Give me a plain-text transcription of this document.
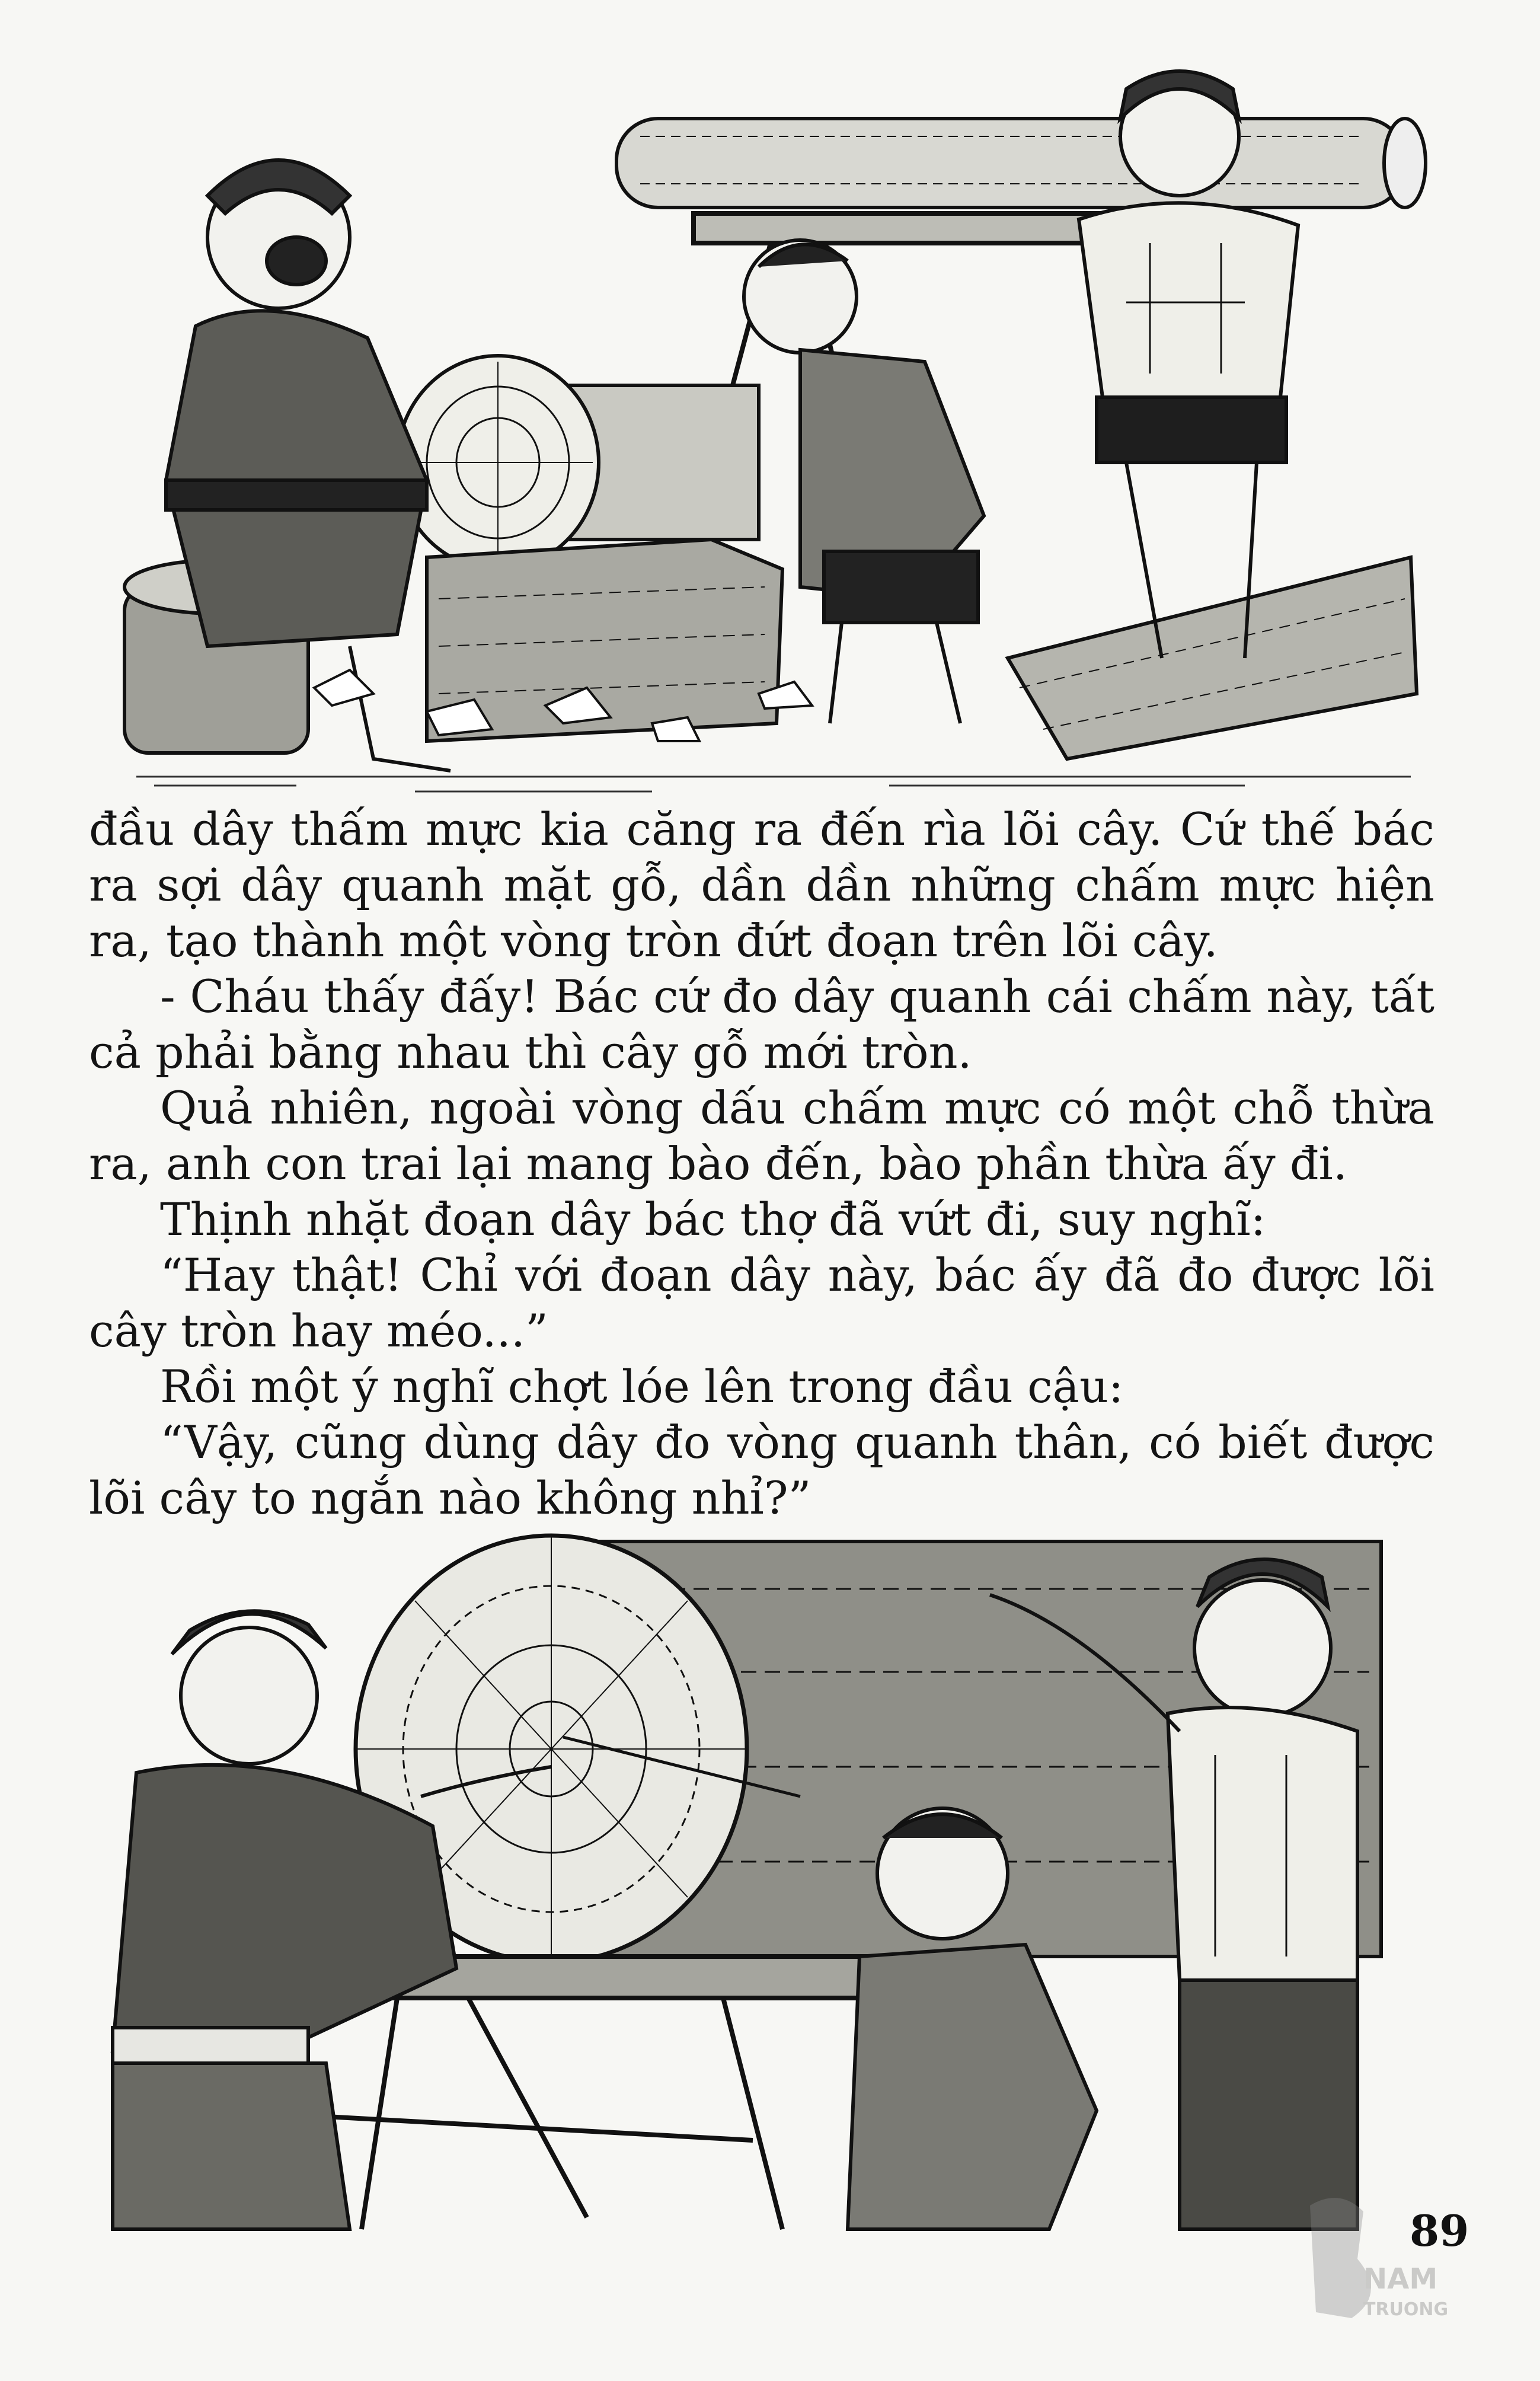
đầu dây thấm mực kia căng ra đến rìa lõi cây. Cứ thế bác ra sợi dây quanh mặt gỗ, dần dần những chấm mực hiện ra, tạo thành một vòng tròn đứt đoạn trên lõi cây.

- Cháu thấy đấy! Bác cứ đo dây quanh cái chấm này, tất cả phải bằng nhau thì cây gỗ mới tròn.

Quả nhiên, ngoài vòng dấu chấm mực có một chỗ thừa ra, anh con trai lại mang bào đến, bào phần thừa ấy đi.

Thịnh nhặt đoạn dây bác thợ đã vứt đi, suy nghĩ:

“Hay thật! Chỉ với đoạn dây này, bác ấy đã đo được lõi cây tròn hay méo...”

Rồi một ý nghĩ chợt lóe lên trong đầu cậu:

“Vậy, cũng dùng dây đo vòng quanh thân, có biết được lõi cây to ngắn nào không nhỉ?”

NAM
TRUONG
89
